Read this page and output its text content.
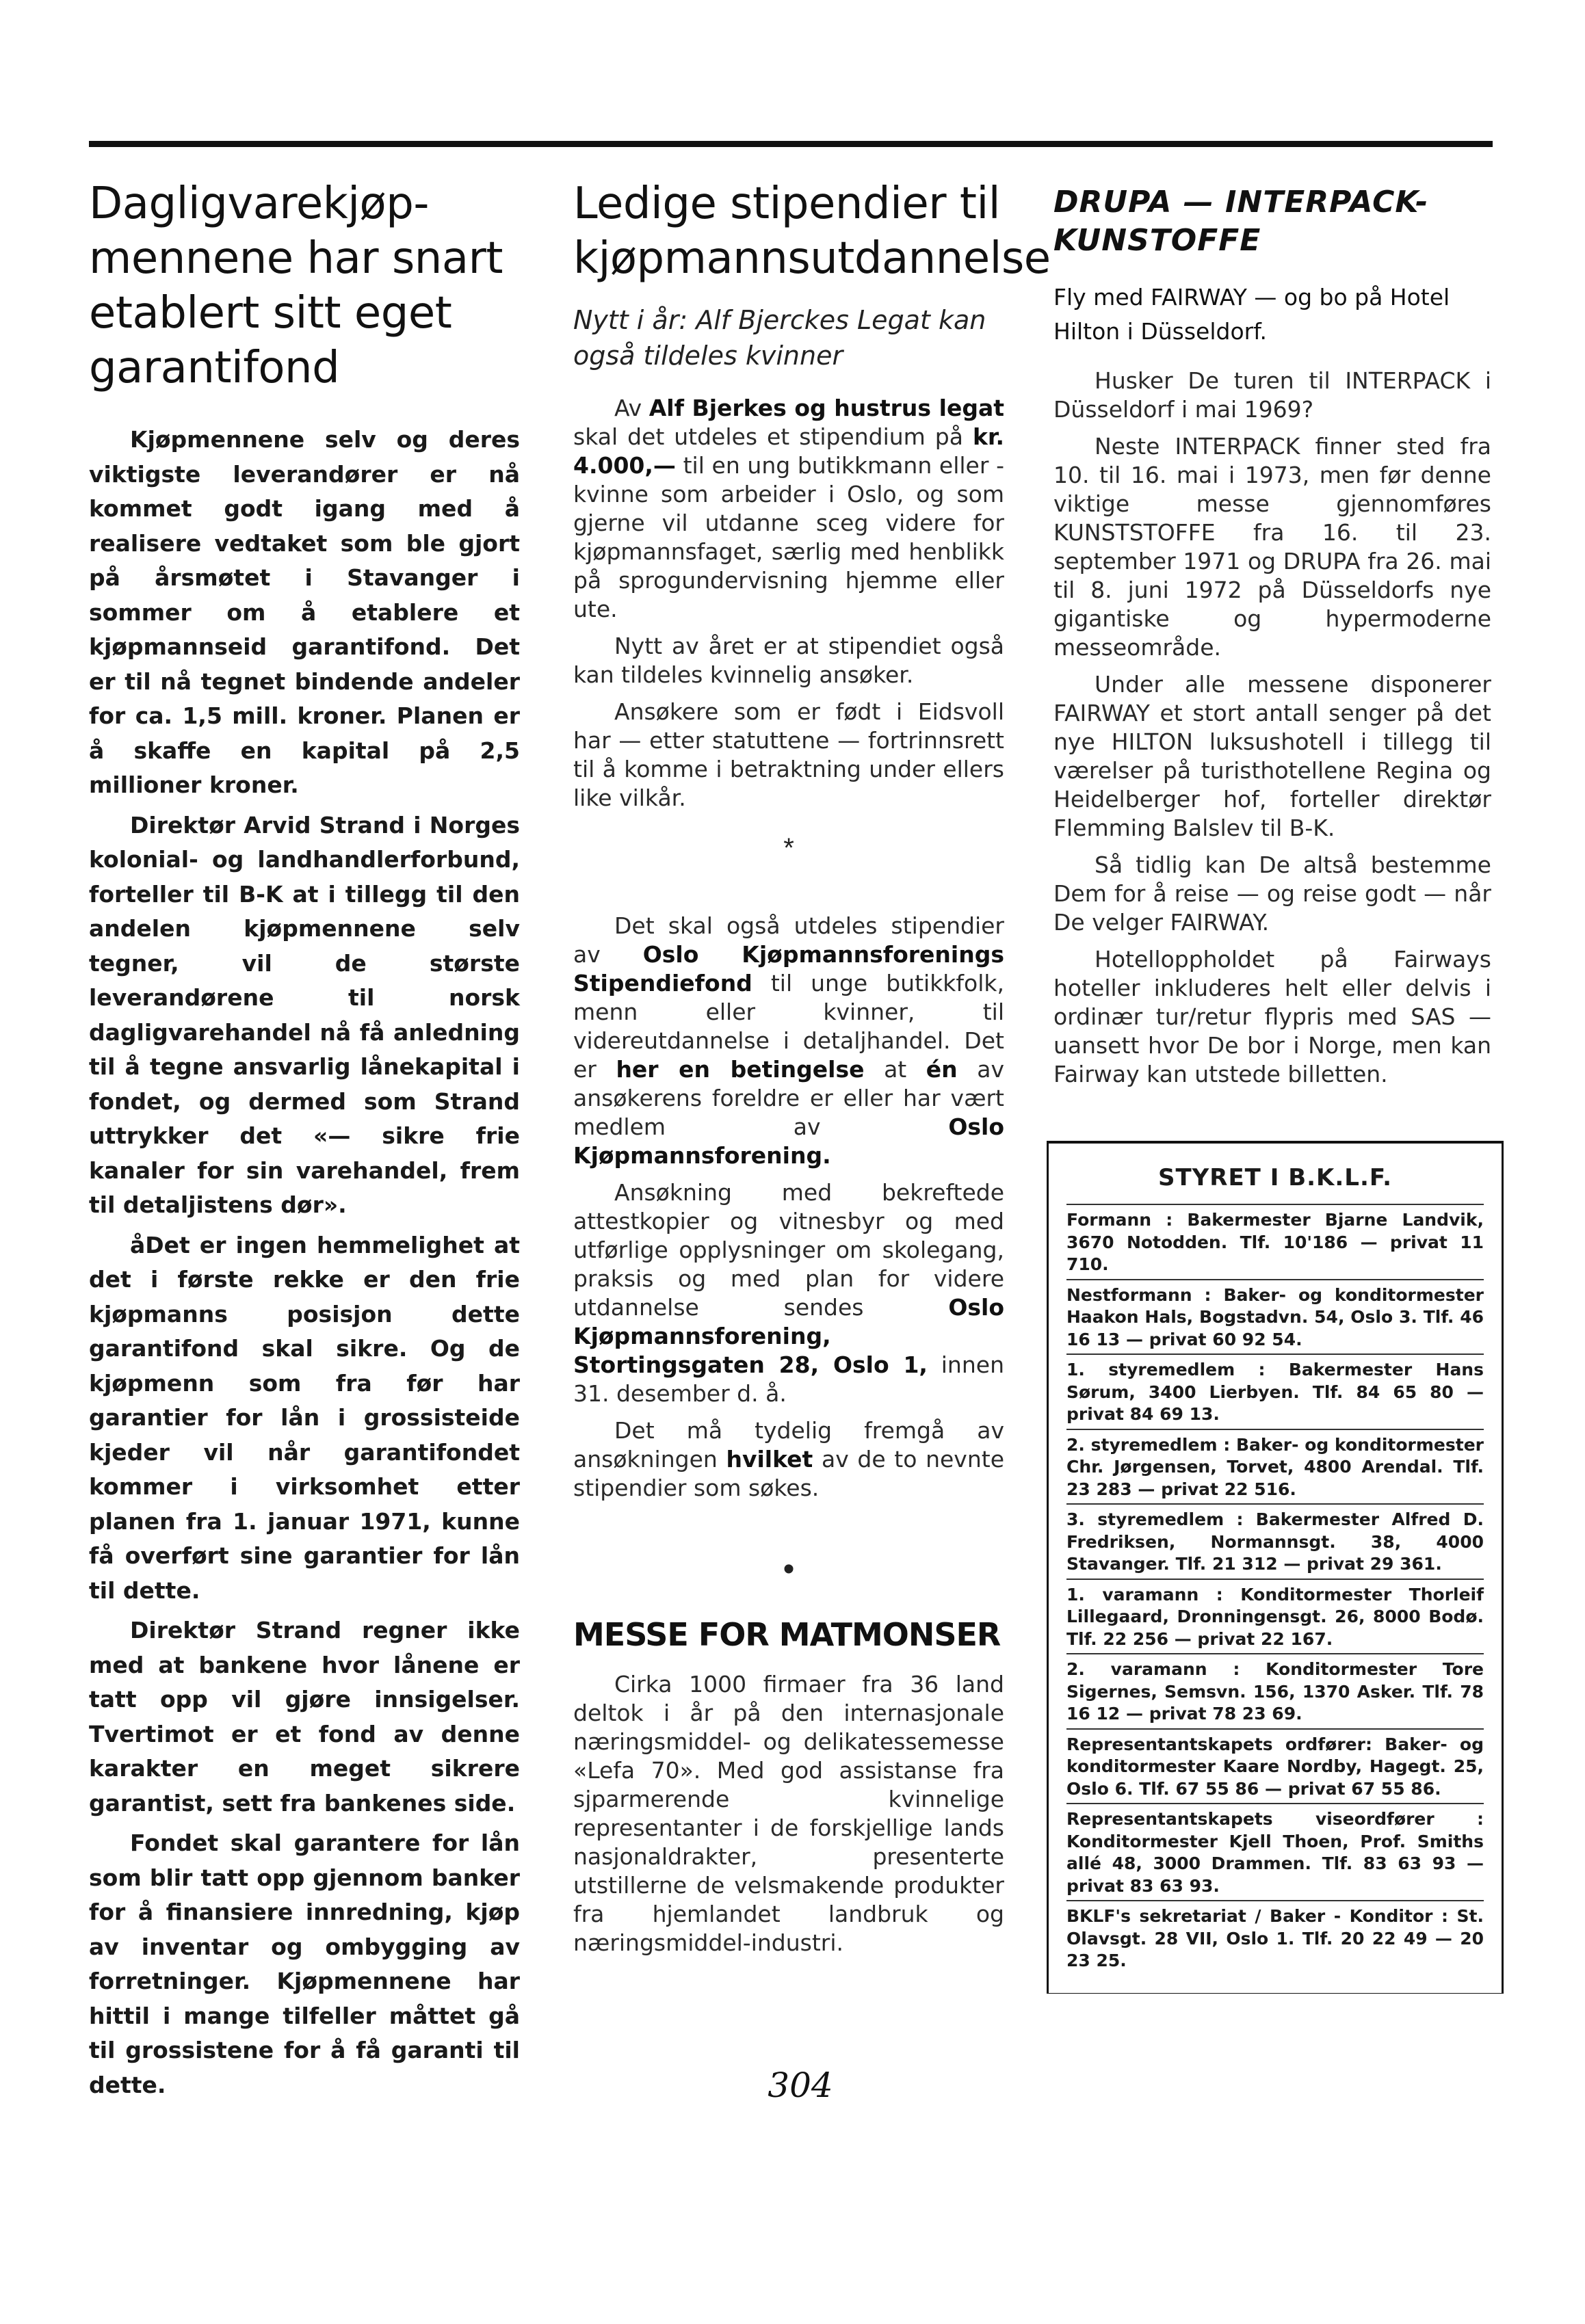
Dagligvarekjøp-mennene har snart etablert sitt eget garantifond

Kjøpmennene selv og deres viktigste leverandører er nå kommet godt igang med å realisere vedtaket som ble gjort på årsmøtet i Stavanger i sommer om å etablere et kjøpmannseid garantifond. Det er til nå tegnet bindende andeler for ca. 1,5 mill. kroner. Planen er å skaffe en kapital på 2,5 millioner kroner.

Direktør Arvid Strand i Norges kolonial- og landhandlerforbund, forteller til B-K at i tillegg til den andelen kjøpmennene selv tegner, vil de største leverandørene til norsk dagligvarehandel nå få anledning til å tegne ansvarlig lånekapital i fondet, og dermed som Strand uttrykker det «— sikre frie kanaler for sin varehandel, frem til detaljistens dør».

åDet er ingen hemmelighet at det i første rekke er den frie kjøpmanns posisjon dette garantifond skal sikre. Og de kjøpmenn som fra før har garantier for lån i grossisteide kjeder vil når garantifondet kommer i virksomhet etter planen fra 1. januar 1971, kunne få overført sine garantier for lån til dette.

Direktør Strand regner ikke med at bankene hvor lånene er tatt opp vil gjøre innsigelser. Tvertimot er et fond av denne karakter en meget sikrere garantist, sett fra bankenes side.

Fondet skal garantere for lån som blir tatt opp gjennom banker for å finansiere innredning, kjøp av inventar og ombygging av forretninger. Kjøpmennene har hittil i mange tilfeller måttet gå til grossistene for å få garanti til dette.

Ledige stipendier til kjøpmannsutdannelse
Nytt i år: Alf Bjerckes Legat kan også tildeles kvinner

Av Alf Bjerkes og hustrus legat skal det utdeles et stipendium på kr. 4.000,— til en ung butikkmann eller -kvinne som arbeider i Oslo, og som gjerne vil utdanne sceg videre for kjøpmannsfaget, særlig med henblikk på sprogundervisning hjemme eller ute.

Nytt av året er at stipendiet også kan tildeles kvinnelig ansøker.

Ansøkere som er født i Eidsvoll har — etter statuttene — fortrinnsrett til å komme i betraktning under ellers like vilkår.

*

Det skal også utdeles stipendier av Oslo Kjøpmannsforenings Stipendiefond til unge butikkfolk, menn eller kvinner, til videreutdannelse i detaljhandel. Det er her en betingelse at én av ansøkerens foreldre er eller har vært medlem av Oslo Kjøpmannsforening.

Ansøkning med bekreftede attestkopier og vitnesbyr og med utførlige opplysninger om skolegang, praksis og med plan for videre utdannelse sendes Oslo Kjøpmannsforening, Stortingsgaten 28, Oslo 1, innen 31. desember d. å.

Det må tydelig fremgå av ansøkningen hvilket av de to nevnte stipendier som søkes.

•
MESSE FOR MATMONSER

Cirka 1000 firmaer fra 36 land deltok i år på den internasjonale næringsmiddel- og delikatessemesse «Lefa 70». Med god assistanse fra sjparmerende kvinnelige representanter i de forskjellige lands nasjonaldrakter, presenterte utstillerne de velsmakende produkter fra hjemlandet landbruk og næringsmiddel-industri.

DRUPA — INTERPACK-KUNSTOFFE
Fly med FAIRWAY — og bo på Hotel Hilton i Düsseldorf.

Husker De turen til INTERPACK i Düsseldorf i mai 1969?

Neste INTERPACK finner sted fra 10. til 16. mai i 1973, men før denne viktige messe gjennomføres KUNSTSTOFFE fra 16. til 23. september 1971 og DRUPA fra 26. mai til 8. juni 1972 på Düsseldorfs nye gigantiske og hypermoderne messeområde.

Under alle messene disponerer FAIRWAY et stort antall senger på det nye HILTON luksushotell i tillegg til værelser på turisthotellene Regina og Heidelberger hof, forteller direktør Flemming Balslev til B-K.

Så tidlig kan De altså bestemme Dem for å reise — og reise godt — når De velger FAIRWAY.

Hotelloppholdet på Fairways hoteller inkluderes helt eller delvis i ordinær tur/retur flypris med SAS — uansett hvor De bor i Norge, men kan Fairway kan utstede billetten.

STYRET I B.K.L.F.

Formann : Bakermester Bjarne Landvik, 3670 Notodden. Tlf. 10'186 — privat 11 710.

Nestformann : Baker- og konditormester Haakon Hals, Bogstadvn. 54, Oslo 3. Tlf. 46 16 13 — privat 60 92 54.

1. styremedlem : Bakermester Hans Sørum, 3400 Lierbyen. Tlf. 84 65 80 — privat 84 69 13.

2. styremedlem : Baker- og konditormester Chr. Jørgensen, Torvet, 4800 Arendal. Tlf. 23 283 — privat 22 516.

3. styremedlem : Bakermester Alfred D. Fredriksen, Normannsgt. 38, 4000 Stavanger. Tlf. 21 312 — privat 29 361.

1. varamann : Konditormester Thorleif Lillegaard, Dronningensgt. 26, 8000 Bodø. Tlf. 22 256 — privat 22 167.

2. varamann : Konditormester Tore Sigernes, Semsvn. 156, 1370 Asker. Tlf. 78 16 12 — privat 78 23 69.

Representantskapets ordfører: Baker- og konditormester Kaare Nordby, Hagegt. 25, Oslo 6. Tlf. 67 55 86 — privat 67 55 86.

Representantskapets viseordfører : Konditormester Kjell Thoen, Prof. Smiths allé 48, 3000 Drammen. Tlf. 83 63 93 — privat 83 63 93.

BKLF's sekretariat / Baker - Konditor : St. Olavsgt. 28 VII, Oslo 1. Tlf. 20 22 49 — 20 23 25.

304
